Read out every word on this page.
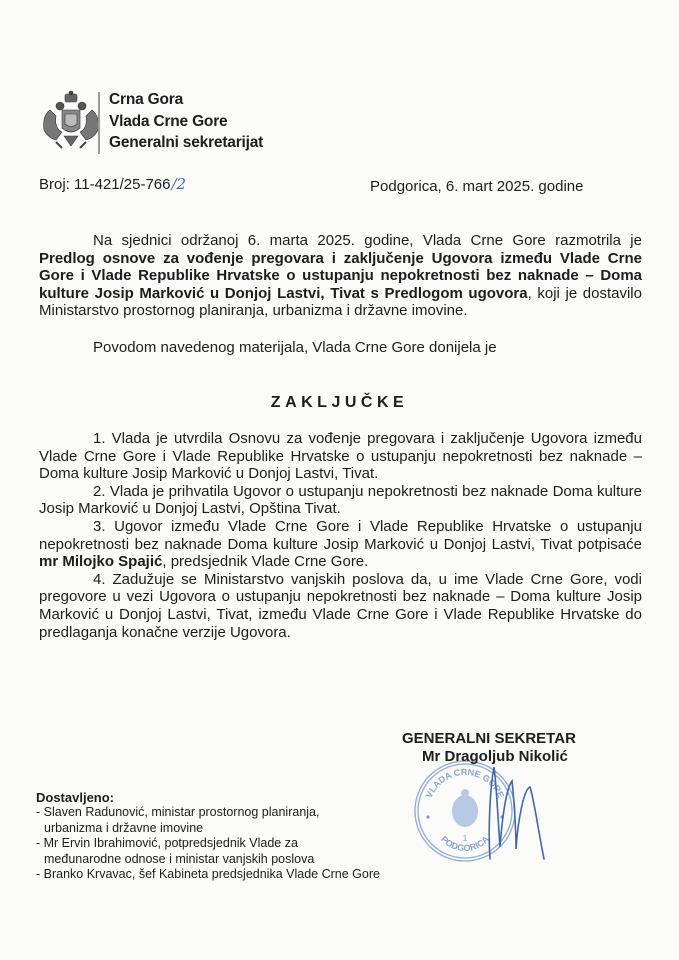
Crna Gora
Vlada Crne Gore
Generalni sekretarijat
Broj: 11-421/25-766/2	Podgorica, 6. mart 2025. godine

Na sjednici održanoj 6. marta 2025. godine, Vlada Crne Gore razmotrila je Predlog osnove za vođenje pregovara i zaključenje Ugovora između Vlade Crne Gore i Vlade Republike Hrvatske o ustupanju nepokretnosti bez naknade – Doma kulture Josip Marković u Donjoj Lastvi, Tivat s Predlogom ugovora, koji je dostavilo Ministarstvo prostornog planiranja, urbanizma i državne imovine.

Povodom navedenog materijala, Vlada Crne Gore donijela je

ZAKLJUČKE

1. Vlada je utvrdila Osnovu za vođenje pregovara i zaključenje Ugovora između Vlade Crne Gore i Vlade Republike Hrvatske o ustupanju nepokretnosti bez naknade – Doma kulture Josip Marković u Donjoj Lastvi, Tivat.

2. Vlada je prihvatila Ugovor o ustupanju nepokretnosti bez naknade Doma kulture Josip Marković u Donjoj Lastvi, Opština Tivat.

3. Ugovor između Vlade Crne Gore i Vlade Republike Hrvatske o ustupanju nepokretnosti bez naknade Doma kulture Josip Marković u Donjoj Lastvi, Tivat potpisaće mr Milojko Spajić, predsjednik Vlade Crne Gore.

4. Zadužuje se Ministarstvo vanjskih poslova da, u ime Vlade Crne Gore, vodi pregovore u vezi Ugovora o ustupanju nepokretnosti bez naknade – Doma kulture Josip Marković u Donjoj Lastvi, Tivat, između Vlade Crne Gore i Vlade Republike Hrvatske do predlaganja konačne verzije Ugovora.

GENERALNI SEKRETAR
VLADA CRNE GORE
PODGORICA
1
Mr Dragoljub Nikolić
Dostavljeno:
- Slaven Radunović, ministar prostornog planiranja,
urbanizma i državne imovine
- Mr Ervin Ibrahimović, potpredsjednik Vlade za
međunarodne odnose i ministar vanjskih poslova
- Branko Krvavac, šef Kabineta predsjednika Vlade Crne Gore
